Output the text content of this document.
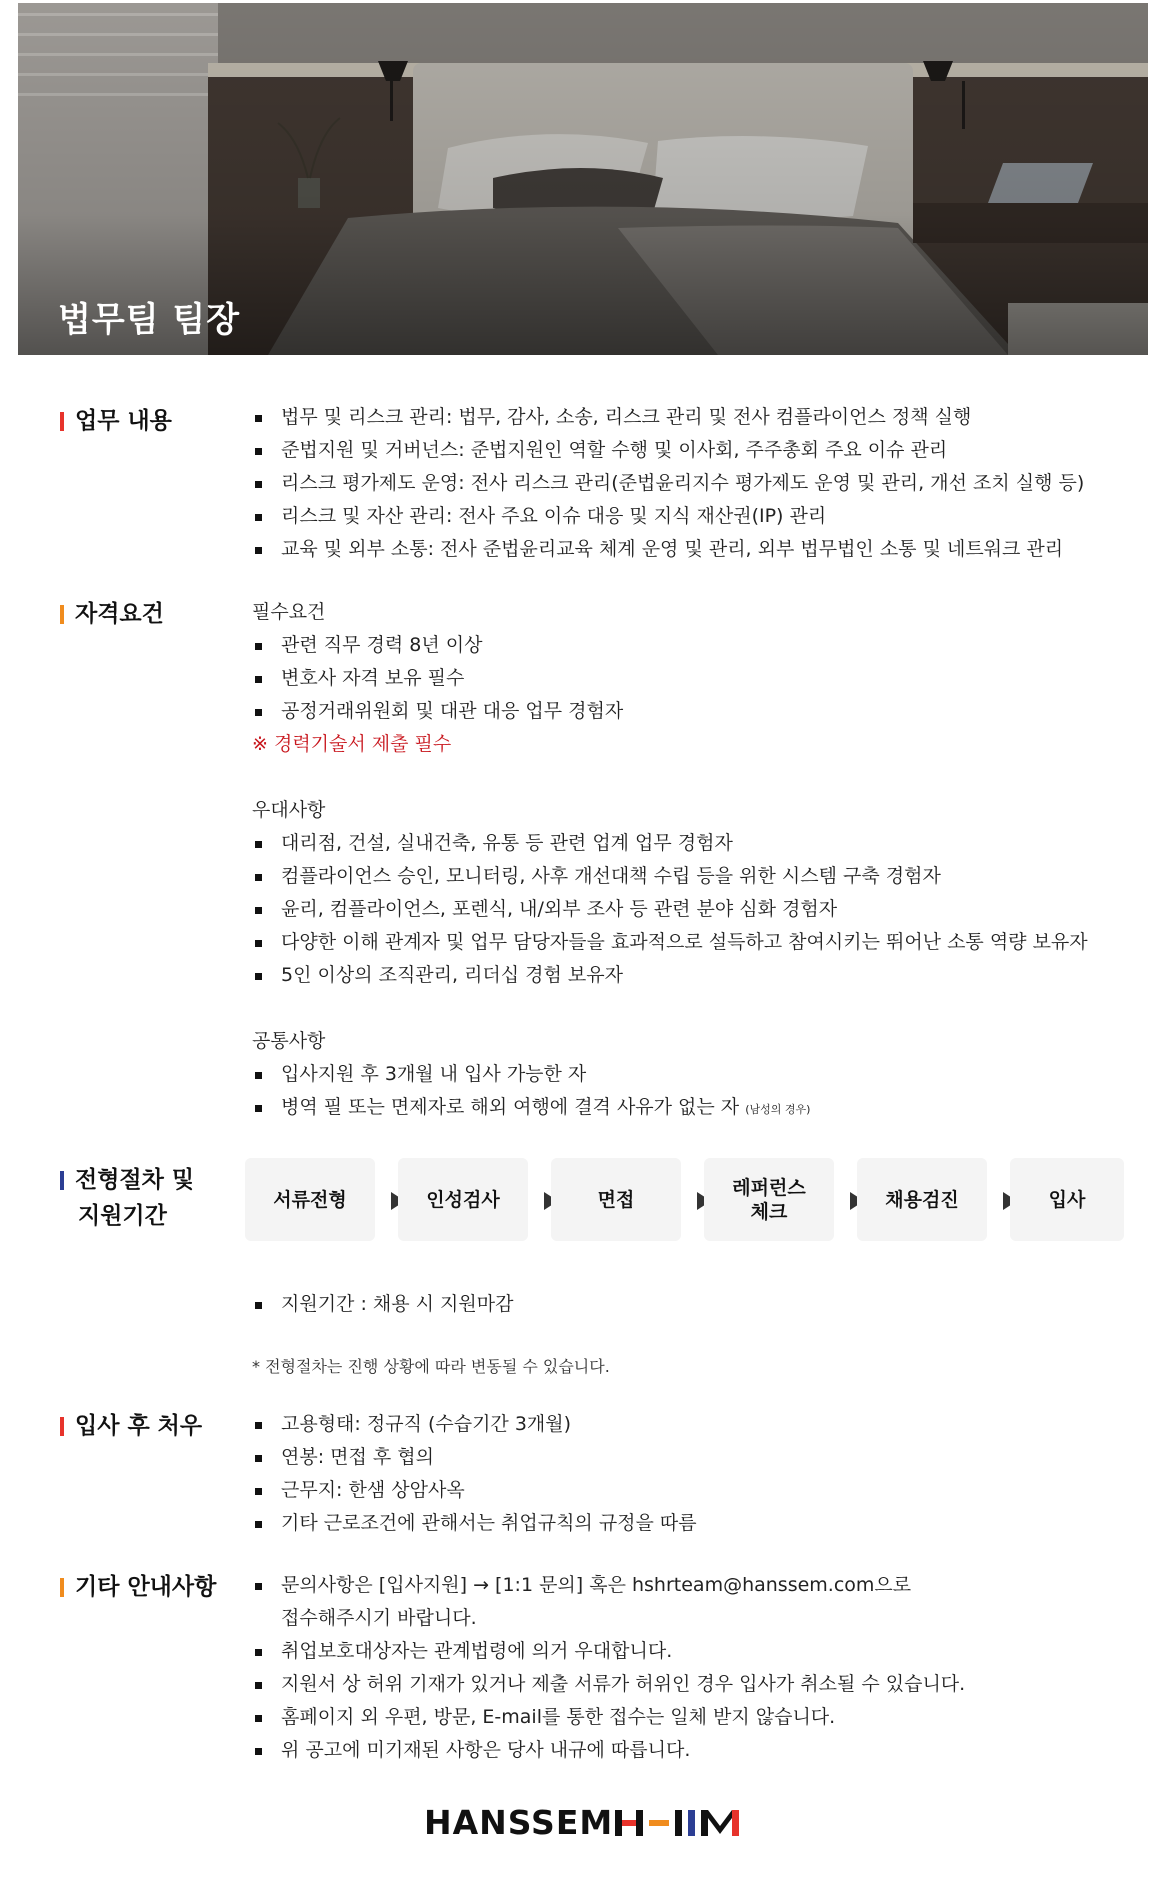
법무팀 팀장
업무 내용	법무 및 리스크 관리: 법무, 감사, 소송, 리스크 관리 및 전사 컴플라이언스 정책 실행
준법지원 및 거버넌스: 준법지원인 역할 수행 및 이사회, 주주총회 주요 이슈 관리
리스크 평가제도 운영: 전사 리스크 관리(준법윤리지수 평가제도 운영 및 관리, 개선 조치 실행 등)
리스크 및 자산 관리: 전사 주요 이슈 대응 및 지식 재산권(IP) 관리
교육 및 외부 소통: 전사 준법윤리교육 체계 운영 및 관리, 외부 법무법인 소통 및 네트워크 관리
자격요건	필수요건
관련 직무 경력 8년 이상
변호사 자격 보유 필수
공정거래위원회 및 대관 대응 업무 경험자
※ 경력기술서 제출 필수
우대사항
대리점, 건설, 실내건축, 유통 등 관련 업계 업무 경험자
컴플라이언스 승인, 모니터링, 사후 개선대책 수립 등을 위한 시스템 구축 경험자
윤리, 컴플라이언스, 포렌식, 내/외부 조사 등 관련 분야 심화 경험자
다양한 이해 관계자 및 업무 담당자들을 효과적으로 설득하고 참여시키는 뛰어난 소통 역량 보유자
5인 이상의 조직관리, 리더십 경험 보유자
공통사항
입사지원 후 3개월 내 입사 가능한 자
병역 필 또는 면제자로 해외 여행에 결격 사유가 없는 자 (남성의 경우)
전형절차 및
지원기간
서류전형	인성검사	면접
레퍼런스
체크
채용검진	입사
지원기간 : 채용 시 지원마감
* 전형절차는 진행 상황에 따라 변동될 수 있습니다.
입사 후 처우	고용형태: 정규직 (수습기간 3개월)
연봉: 면접 후 협의
근무지: 한샘 상암사옥
기타 근로조건에 관해서는 취업규칙의 규정을 따름
기타 안내사항	문의사항은 [입사지원] → [1:1 문의] 혹은 hshrteam@hanssem.com으로
접수해주시기 바랍니다.
취업보호대상자는 관계법령에 의거 우대합니다.
지원서 상 허위 기재가 있거나 제출 서류가 허위인 경우 입사가 취소될 수 있습니다.
홈페이지 외 우편, 방문, E-mail를 통한 접수는 일체 받지 않습니다.
위 공고에 미기재된 사항은 당사 내규에 따릅니다.
HANSSEM
